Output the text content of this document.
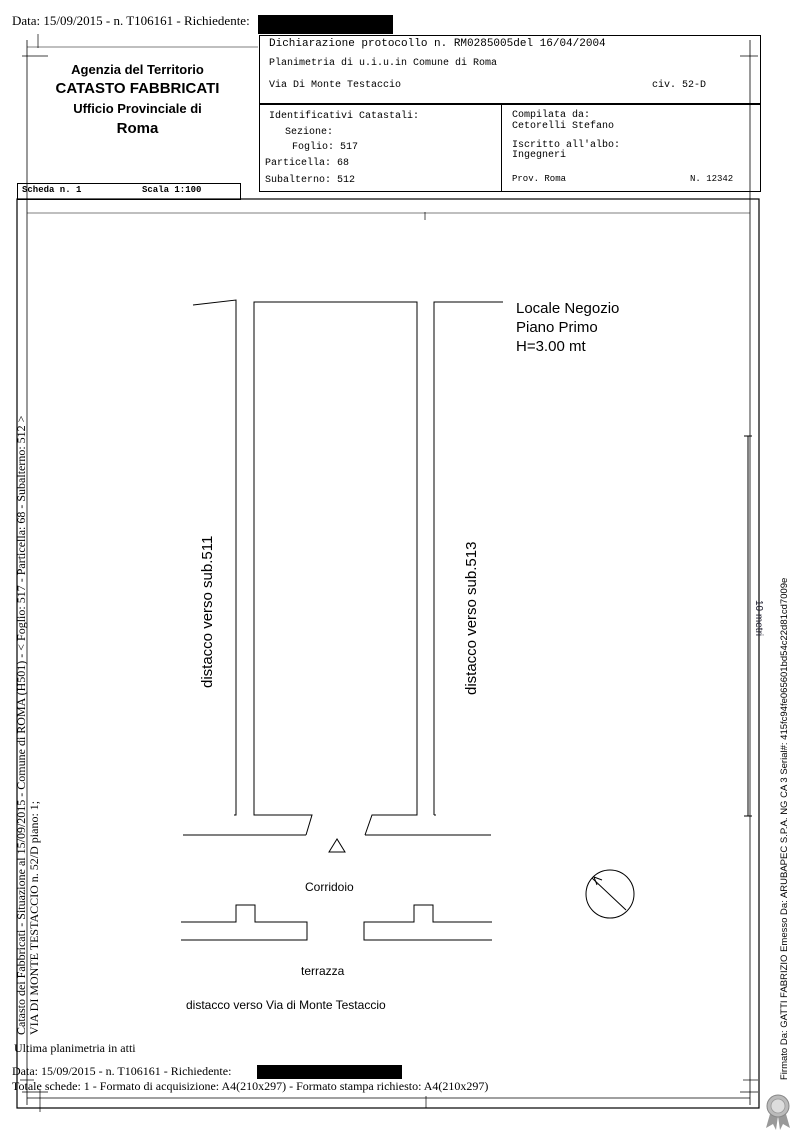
Data: 15/09/2015 - n. T106161 - Richiedente:
Agenzia del Territorio
CATASTO FABBRICATI
Ufficio Provinciale di
Roma
Dichiarazione protocollo n. RM0285005del 16/04/2004
Planimetria di u.i.u.in Comune di Roma
Via Di Monte Testaccio	civ. 52-D
Identificativi Catastali:
Sezione:
Foglio: 517
Particella: 68
Subalterno: 512
Compilata da:
Cetorelli Stefano
Iscritto all'albo:
Ingegneri
Prov. Roma	N. 12342
Scheda n. 1	Scala 1:100
Locale Negozio
Piano Primo
H=3.00 mt
distacco verso sub.511	distacco verso sub.513
Corridoio
terrazza
distacco verso Via di Monte Testaccio
10 metri
Catasto dei Fabbricati - Situazione al 15/09/2015 - Comune di ROMA (H501) - < Foglio: 517 - Particella: 68 - Subalterno: 512 > VIA DI MONTE TESTACCIO n. 52/D piano: 1;	Firmato Da: GATTI FABRIZIO Emesso Da: ARUBAPEC S.P.A. NG CA 3 Serial#: 415fc94fe065601bd54c22d81cd7009e
Ultima planimetria in atti
Data: 15/09/2015 - n. T106161 - Richiedente:
Totale schede: 1 - Formato di acquisizione: A4(210x297) - Formato stampa richiesto: A4(210x297)
